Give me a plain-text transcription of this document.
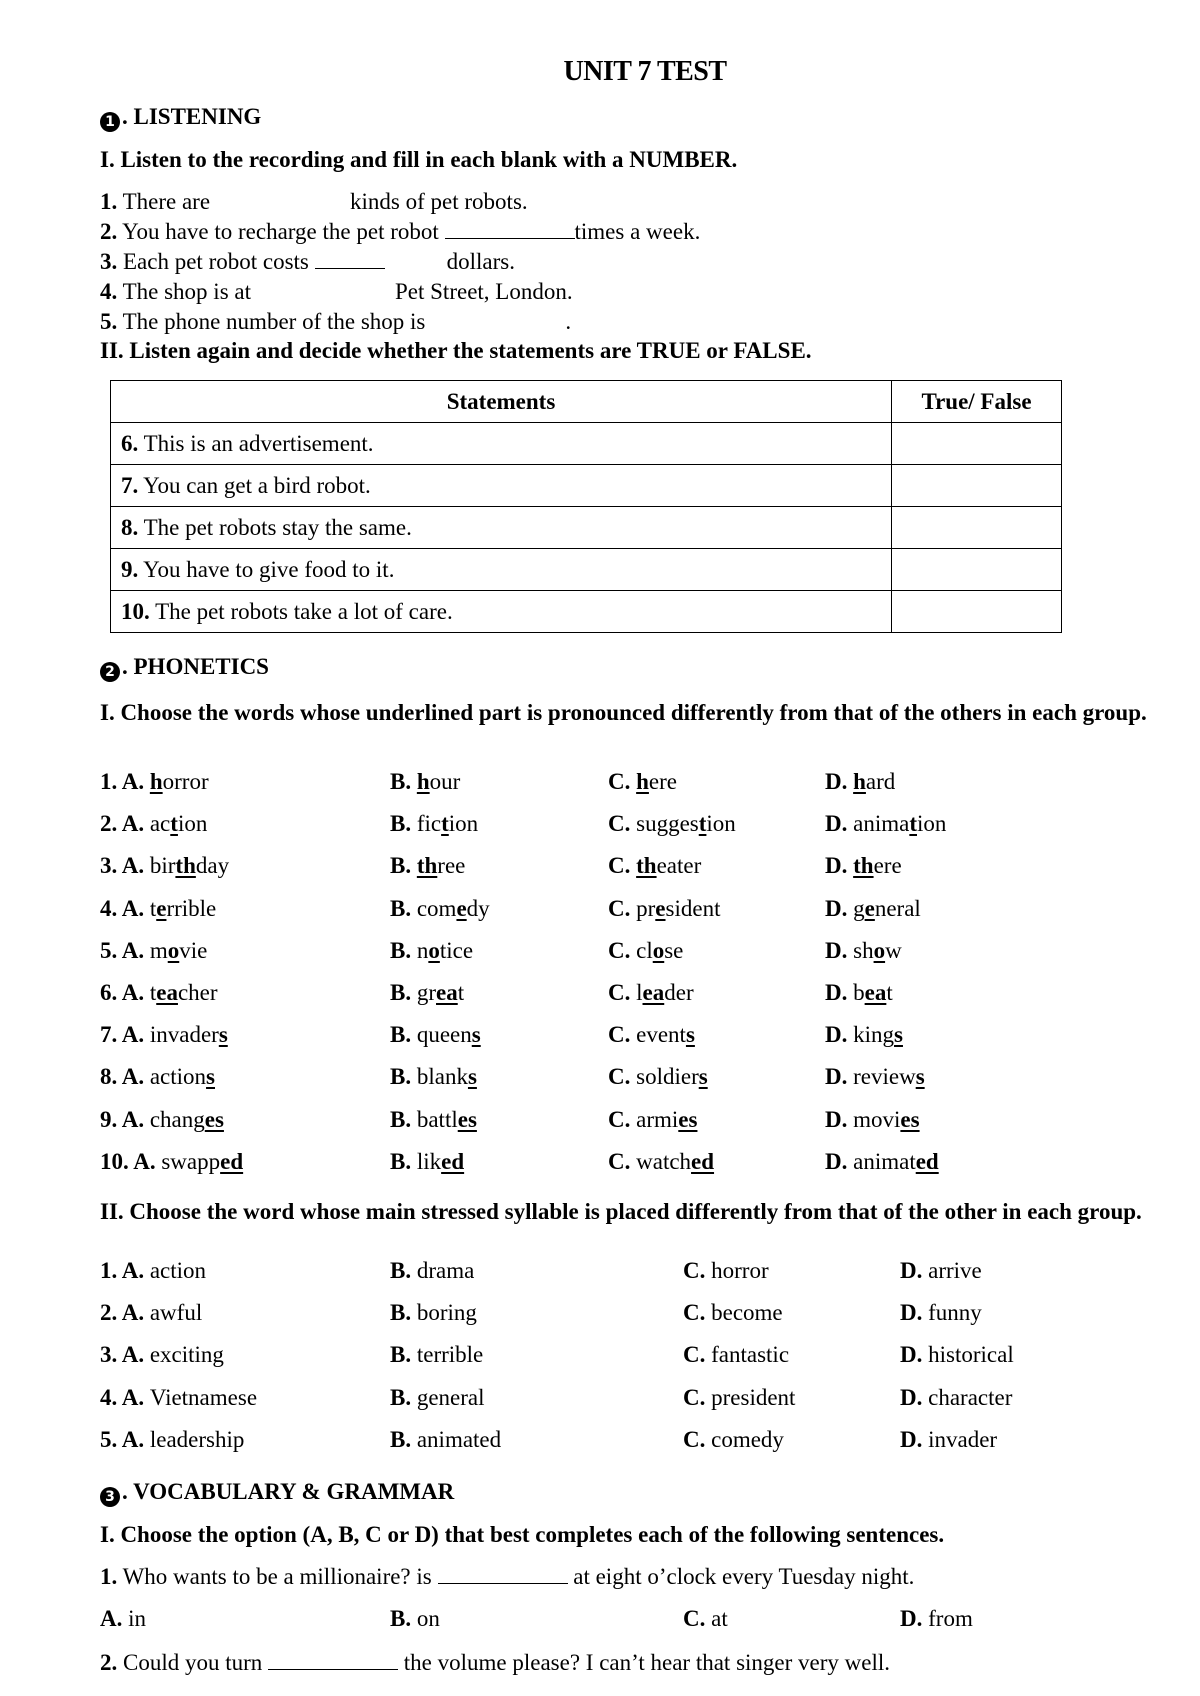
UNIT 7 TEST
1 . LISTENING
I. Listen to the recording and fill in each blank with a NUMBER.
1. There are	kinds of pet robots.
2. You have to recharge the pet robot	times a week.
3. Each pet robot costs	dollars.
4. The shop is at	Pet Street, London.
5. The phone number of the shop is	.
II. Listen again and decide whether the statements are TRUE or FALSE.
Statements	True/ False
6. This is an advertisement.	
7. You can get a bird robot.	
8. The pet robots stay the same.	
9. You have to give food to it.	
10. The pet robots take a lot of care.	
2 . PHONETICS
I. Choose the words whose underlined part is pronounced differently from that of the others in each group.
1. A. horror	B. hour	C. here	D. hard
2. A. action	B. fiction	C. suggestion	D. animation
3. A. birthday	B. three	C. theater	D. there
4. A. terrible	B. comedy	C. president	D. general
5. A. movie	B. notice	C. close	D. show
6. A. teacher	B. great	C. leader	D. beat
7. A. invaders	B. queens	C. events	D. kings
8. A. actions	B. blanks	C. soldiers	D. reviews
9. A. changes	B. battles	C. armies	D. movies
10. A. swapped	B. liked	C. watched	D. animated
II. Choose the word whose main stressed syllable is placed differently from that of the other in each group.
1. A. action	B. drama	C. horror	D. arrive
2. A. awful	B. boring	C. become	D. funny
3. A. exciting	B. terrible	C. fantastic	D. historical
4. A. Vietnamese	B. general	C. president	D. character
5. A. leadership	B. animated	C. comedy	D. invader
3 . VOCABULARY & GRAMMAR
I. Choose the option (A, B, C or D) that best completes each of the following sentences.
1. Who wants to be a millionaire? is	at eight o’clock every Tuesday night.
A. in	B. on	C. at	D. from
2. Could you turn	the volume please? I can’t hear that singer very well.
